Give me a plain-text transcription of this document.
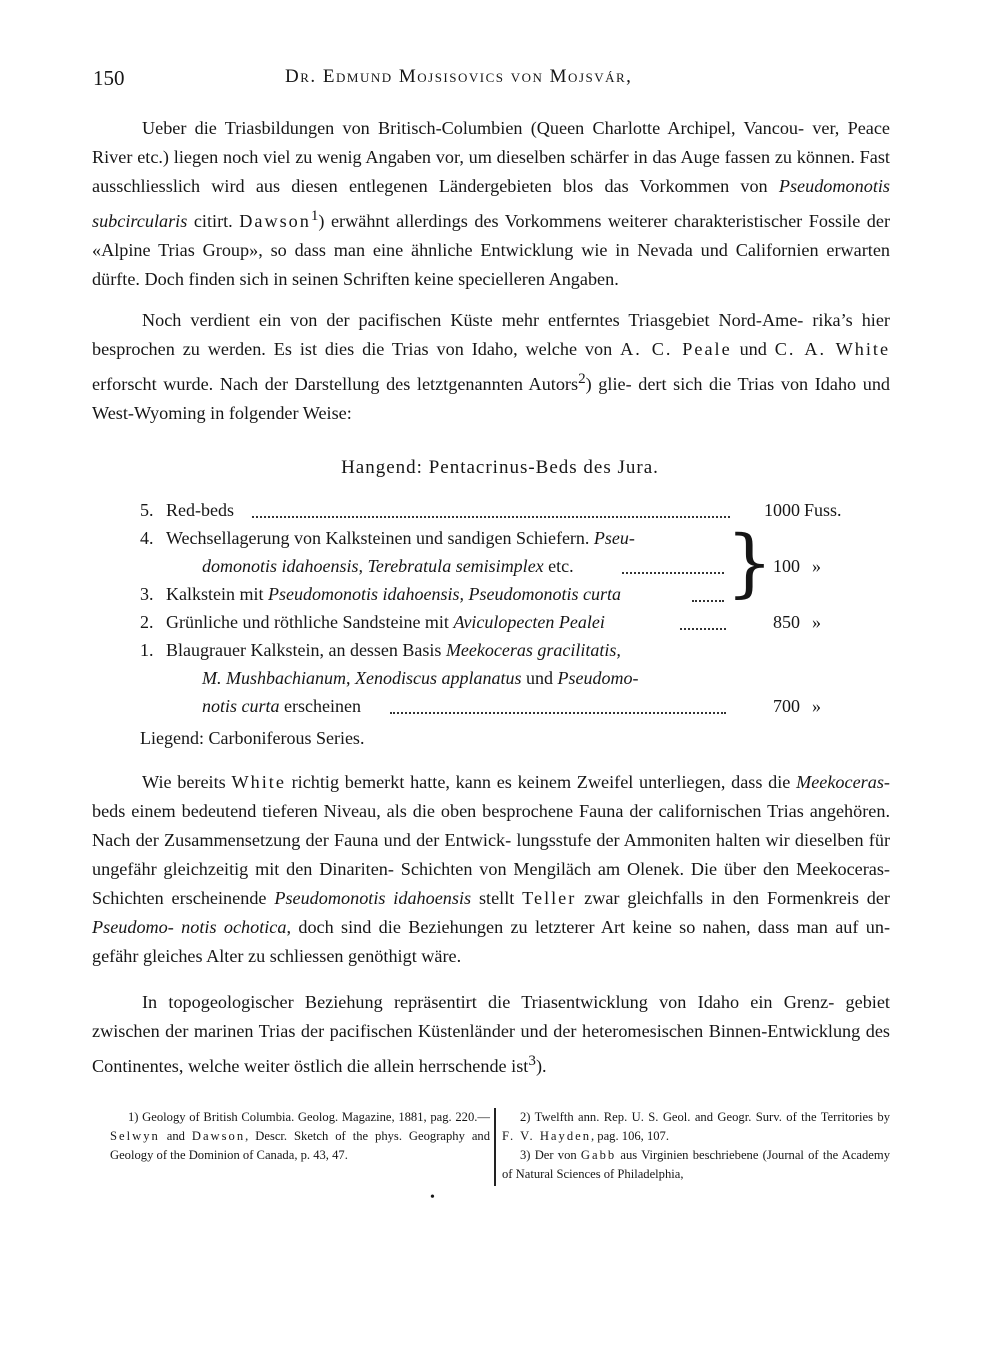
150	Dr. Edmund Mojsisovics von Mojsvár,

Ueber die Triasbildungen von Britisch-Columbien (Queen Charlotte Archipel, Vancou- ver, Peace River etc.) liegen noch viel zu wenig Angaben vor, um dieselben schärfer in das Auge fassen zu können. Fast ausschliesslich wird aus diesen entlegenen Ländergebieten blos das Vorkommen von Pseudomonotis subcircularis citirt. Dawson$^1$) erwähnt allerdings des Vorkommens weiterer charakteristischer Fossile der «Alpine Trias Group», so dass man eine ähnliche Entwicklung wie in Nevada und Californien erwarten dürfte. Doch finden sich in seinen Schriften keine specielleren Angaben.

Noch verdient ein von der pacifischen Küste mehr entferntes Triasgebiet Nord-Ame- rika’s hier besprochen zu werden. Es ist dies die Trias von Idaho, welche von A. C. Peale und C. A. White erforscht wurde. Nach der Darstellung des letztgenannten Autors$^2$) glie- dert sich die Trias von Idaho und West-Wyoming in folgender Weise:

Hangend: Pentacrinus-Beds des Jura.
5. Red-beds	1000 Fuss.
4. Wechsellagerung von Kalksteinen und sandigen Schiefern. Pseu-
domonotis idahoensis, Terebratula semisimplex etc. } 100 »
3. Kalkstein mit Pseudomonotis idahoensis, Pseudomonotis curta
2. Grünliche und röthliche Sandsteine mit Aviculopecten Pealei	850 »
1. Blaugrauer Kalkstein, an dessen Basis Meekoceras gracilitatis,
M. Mushbachianum, Xenodiscus applanatus und Pseudomo-
notis curta erscheinen	700 »
Liegend: Carboniferous Series.

Wie bereits White richtig bemerkt hatte, kann es keinem Zweifel unterliegen, dass die Meekoceras-beds einem bedeutend tieferen Niveau, als die oben besprochene Fauna der californischen Trias angehören. Nach der Zusammensetzung der Fauna und der Entwick- lungsstufe der Ammoniten halten wir dieselben für ungefähr gleichzeitig mit den Dinariten- Schichten von Mengiläch am Olenek. Die über den Meekoceras-Schichten erscheinende Pseudomonotis idahoensis stellt Teller zwar gleichfalls in den Formenkreis der Pseudomo- notis ochotica, doch sind die Beziehungen zu letzterer Art keine so nahen, dass man auf un- gefähr gleiches Alter zu schliessen genöthigt wäre.

In topogeologischer Beziehung repräsentirt die Triasentwicklung von Idaho ein Grenz- gebiet zwischen der marinen Trias der pacifischen Küstenländer und der heteromesischen Binnen-Entwicklung des Continentes, welche weiter östlich die allein herrschende ist$^3$).

1) Geology of British Columbia. Geolog. Magazine, 1881, pag. 220.— Selwyn and Dawson, Descr. Sketch of the phys. Geography and Geology of the Dominion of Canada, p. 43, 47.

2) Twelfth ann. Rep. U. S. Geol. and Geogr. Surv. of the Territories by F. V. Hayden, pag. 106, 107.

3) Der von Gabb aus Virginien beschriebene (Journal of the Academy of Natural Sciences of Philadelphia,

•
